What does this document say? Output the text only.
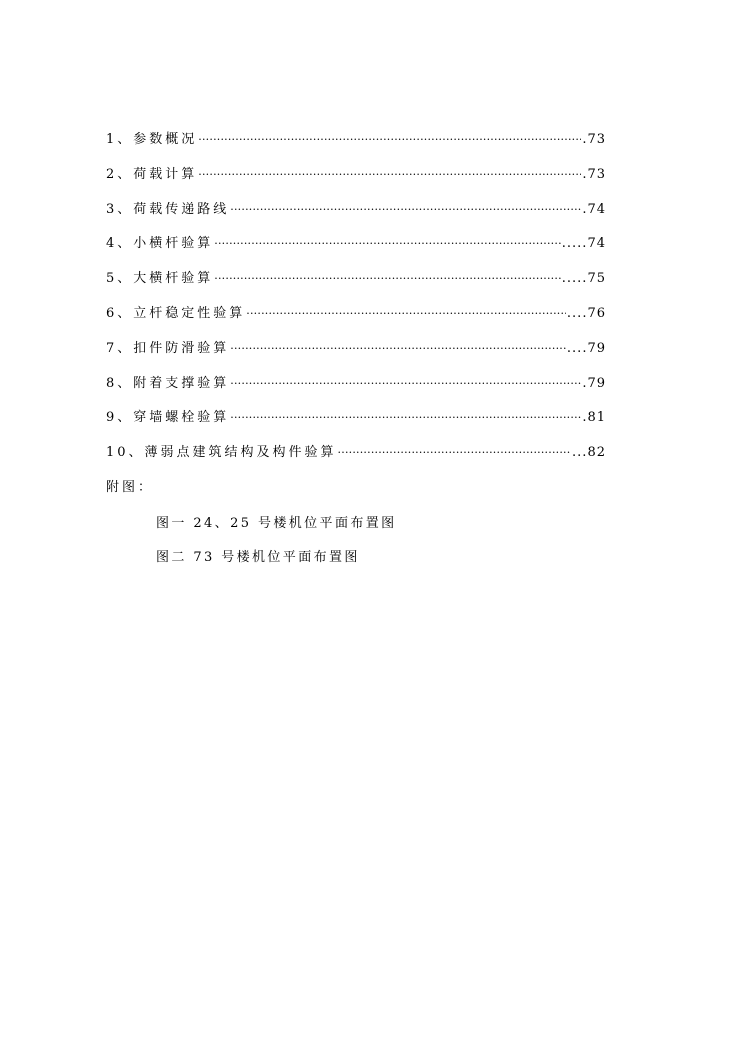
1、参数概况 ·····	.73
2、荷载计算 ·····	.73
3、荷载传递路线 ·····	.74
4、小横杆验算 ·····	.....74
5、大横杆验算 ·····	.....75
6、立杆稳定性验算 ·····	....76
7、扣件防滑验算 ·····	....79
8、附着支撑验算 ·····	.79
9、穿墙螺栓验算 ·····	.81
10、薄弱点建筑结构及构件验算 ·····	...82
附图：
图一 24、25 号楼机位平面布置图
图二 73 号楼机位平面布置图
